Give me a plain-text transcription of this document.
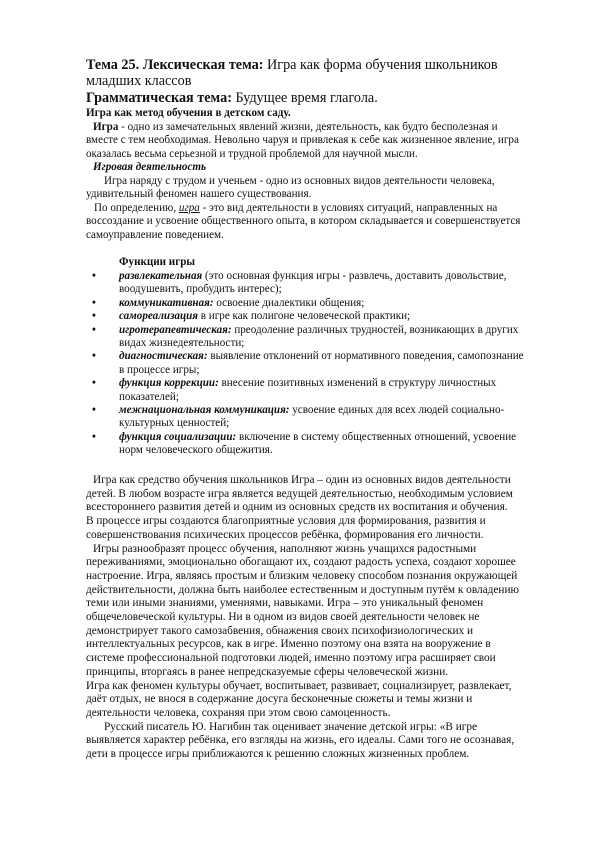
Тема 25. Лексическая тема: Игра как форма обучения школьников младших классов
Грамматическая тема: Будущее время глагола.
Игра как метод обучения в детском саду.

Игра - одно из замечательных явлений жизни, деятельность, как будто бесполезная и вместе с тем необходимая. Невольно чаруя и привлекая к себе как жизненное явление, игра оказалась весьма серьезной и трудной проблемой для научной мысли.

Игровая деятельность

Игра наряду с трудом и ученьем - одно из основных видов деятельности человека, удивительный феномен нашего существования.

По определению, игра - это вид деятельности в условиях ситуаций, направленных на воссоздание и усвоение общественного опыта, в котором складывается и совершенствуется самоуправление поведением.

Функции игры
• развлекательная (это основная функция игры - развлечь, доставить довольствие, воодушевить, пробудить интерес);
• коммуникативная: освоение диалектики общения;
• самореализация в игре как полигоне человеческой практики;
• игротерапевтическая: преодоление различных трудностей, возникающих в других видах жизнедеятельности;
• диагностическая: выявление отклонений от нормативного поведения, самопознание в процессе игры;
• функция коррекции: внесение позитивных изменений в структуру личностных показателей;
• межнациональная коммуникация: усвоение единых для всех людей социально-культурных ценностей;
• функция социализации: включение в систему общественных отношений, усвоение норм человеческого общежития.

Игра как средство обучения школьников Игра – один из основных видов деятельности детей. В любом возрасте игра является ведущей деятельностью, необходимым условием всестороннего развития детей и одним из основных средств их воспитания и обучения.

В процессе игры создаются благоприятные условия для формирования, развития и совершенствования психических процессов ребёнка, формирования его личности.

Игры разнообразят процесс обучения, наполняют жизнь учащихся радостными переживаниями, эмоционально обогащают их, создают радость успеха, создают хорошее настроение. Игра, являясь простым и близким человеку способом познания окружающей действительности, должна быть наиболее естественным и доступным путём к овладению теми или иными знаниями, умениями, навыками. Игра – это уникальный феномен общечеловеческой культуры. Ни в одном из видов своей деятельности человек не демонстрирует такого самозабвения, обнажения своих психофизиологических и интеллектуальных ресурсов, как в игре. Именно поэтому она взята на вооружение в системе профессиональной подготовки людей, именно поэтому игра расширяет свои принципы, вторгаясь в ранее непредсказуемые сферы человеческой жизни.

Игра как феномен культуры обучает, воспитывает, развивает, социализирует, развлекает, даёт отдых, не внося в содержание досуга бесконечные сюжеты и темы жизни и деятельности человека, сохраняя при этом свою самоценность.

Русский писатель Ю. Нагибин так оценивает значение детской игры: «В игре выявляется характер ребёнка, его взгляды на жизнь, его идеалы. Сами того не осознавая, дети в процессе игры приближаются к решению сложных жизненных проблем.
